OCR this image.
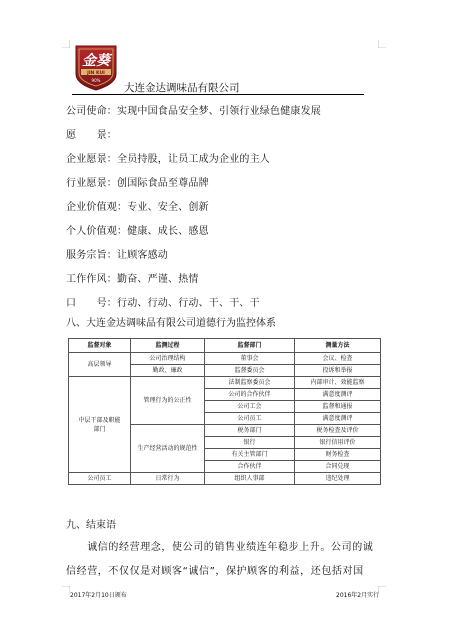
金葵
JIN KUI
90%
大连金达调味品有限公司
公司使命：实现中国食品安全梦、引领行业绿色健康发展
愿　　景：
企业愿景：全员持股，让员工成为企业的主人
行业愿景：创国际食品至尊品牌
企业价值观：专业、安全、创新
个人价值观：健康、成长、感恩
服务宗旨：让顾客感动
工作作风：勤奋、严谨、热情
口　　号：行动、行动、行动、干、干、干
八、大连金达调味品有限公司道德行为监控体系
监督对象	监测过程	监督部门	测量方法
高层领导	公司治理结构	董事会	会议、检查
	勤政、廉政	监督委员会	投诉和举报
中层干部及职能部门	管理行为的公正性	法制监察委员会	内部审计、效能监察
		公司的合作伙伴	满意度测评
		公司工会	监督和通报
		公司员工	满意度测评
	生产经营活动的规范性	税务部门	税务检查及评价
		银行	银行信用评价
		有关主管部门	财务检查
		合作伙伴	合同兑现
公司员工	日常行为	组织人事部	违纪处理
九、结束语
　　诚信的经营理念，使公司的销售业绩连年稳步上升。公司的诚
信经营，不仅仅是对顾客“诚信”，保护顾客的利益，还包括对国
2017年2月10日颁布	2016年2月实行
